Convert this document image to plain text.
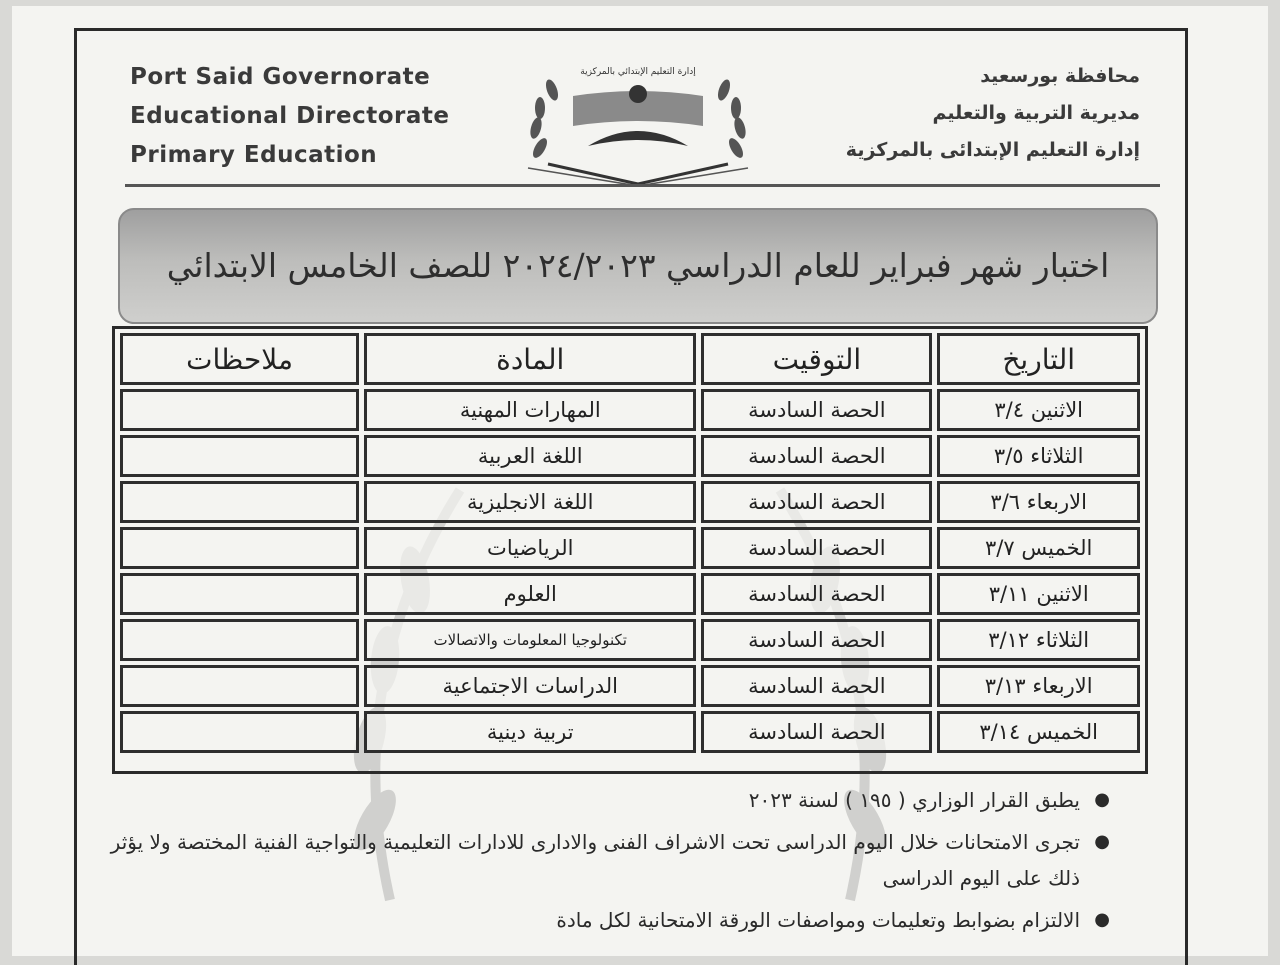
Port Said Governorate
Educational Directorate
Primary Education
إدارة التعليم الإبتدائي بالمركزية	محافظة بورسعيد
مديرية التربية والتعليم
إدارة التعليم الإبتدائى بالمركزية
اختبار شهر فبراير للعام الدراسي ٢٠٢٤/٢٠٢٣ للصف الخامس الابتدائي
التاريخ	التوقيت	المادة	ملاحظات
الاثنين ٣/٤	الحصة السادسة	المهارات المهنية	
الثلاثاء ٣/٥	الحصة السادسة	اللغة العربية	
الاربعاء ٣/٦	الحصة السادسة	اللغة الانجليزية	
الخميس ٣/٧	الحصة السادسة	الرياضيات	
الاثنين ٣/١١	الحصة السادسة	العلوم	
الثلاثاء ٣/١٢	الحصة السادسة	تكنولوجيا المعلومات والاتصالات	
الاربعاء ٣/١٣	الحصة السادسة	الدراسات الاجتماعية	
الخميس ٣/١٤	الحصة السادسة	تربية دينية	
●
يطبق القرار الوزاري ( ١٩٥ ) لسنة ٢٠٢٣
●
تجرى الامتحانات خلال اليوم الدراسى تحت الاشراف الفنى والادارى للادارات التعليمية والتواجية الفنية المختصة ولا يؤثر ذلك على اليوم الدراسى
●
الالتزام بضوابط وتعليمات ومواصفات الورقة الامتحانية لكل مادة
